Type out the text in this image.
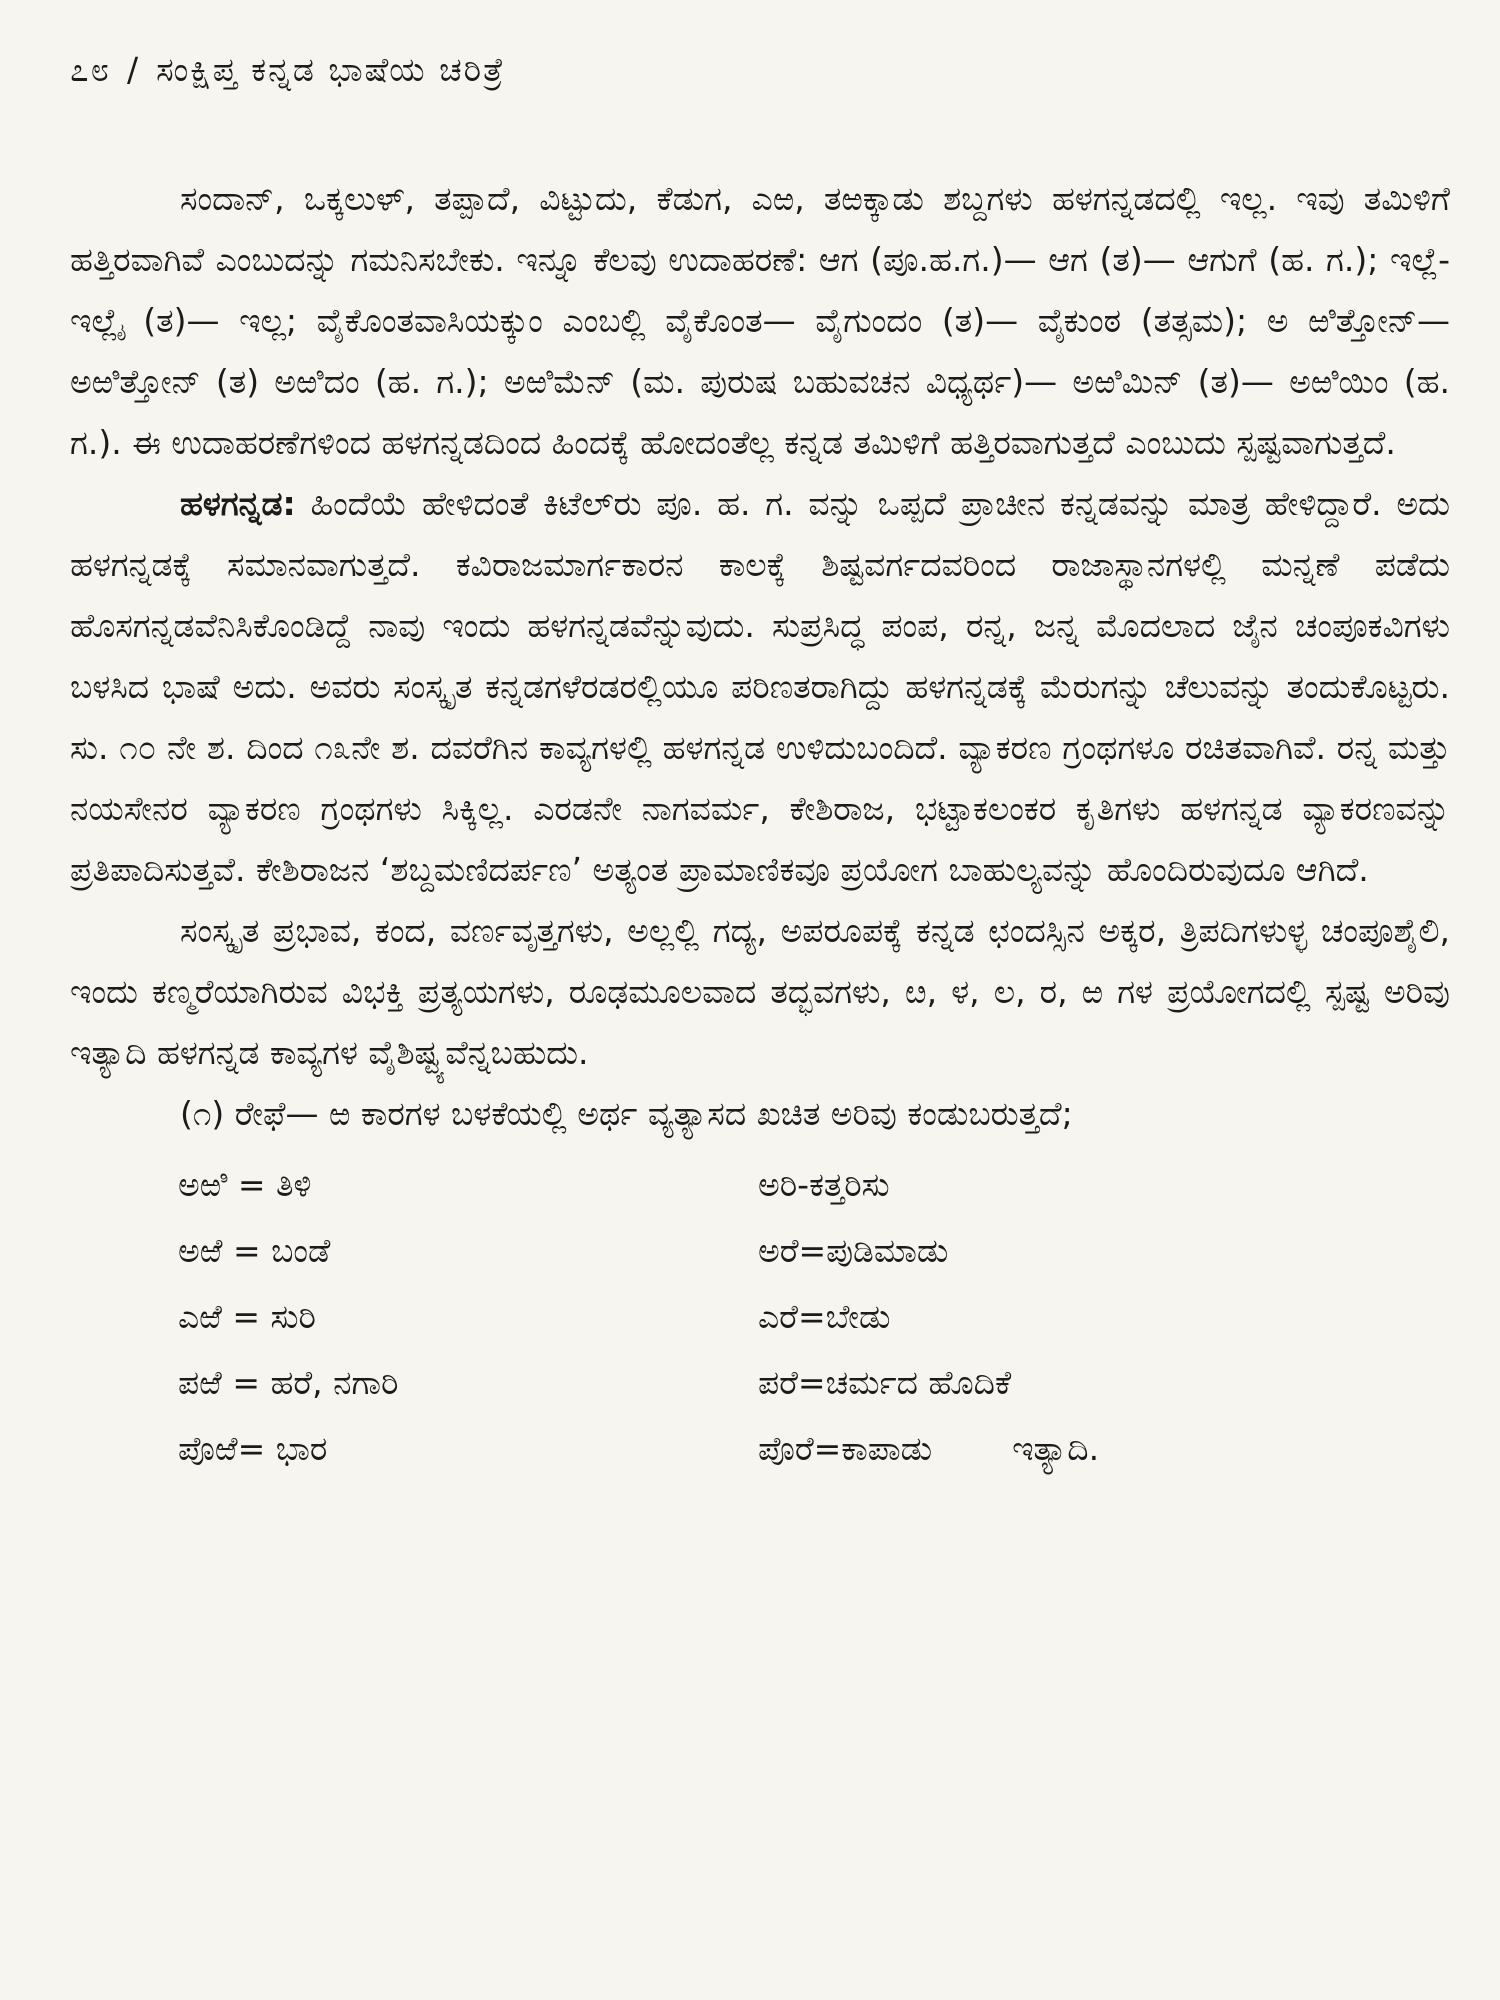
೭೮ / ಸಂಕ್ಷಿಪ್ತ ಕನ್ನಡ ಭಾಷೆಯ ಚರಿತ್ರೆ

ಸಂದಾನ್, ಒಕ್ಕಲುಳ್, ತಪ್ಪಾದೆ, ವಿಟ್ಟುದು, ಕೆಡುಗ, ಎಱ, ತಱಕ್ಕಾಡು ಶಬ್ದಗಳು ಹಳಗನ್ನಡದಲ್ಲಿ ಇಲ್ಲ. ಇವು ತಮಿಳಿಗೆ ಹತ್ತಿರವಾಗಿವೆ ಎಂಬುದನ್ನು ಗಮನಿಸಬೇಕು. ಇನ್ನೂ ಕೆಲವು ಉದಾಹರಣೆ: ಆಗ (ಪೂ.ಹ.ಗ.)— ಆಗ (ತ)— ಆಗುಗೆ (ಹ. ಗ.); ಇಲ್ಲೆ-ಇಲ್ಲೈ (ತ)— ಇಲ್ಲ; ವೈಕೊಂತವಾಸಿಯಕ್ಕುಂ ಎಂಬಲ್ಲಿ ವೈಕೊಂತ— ವೈಗುಂದಂ (ತ)— ವೈಕುಂಠ (ತತ್ಸಮ); ಅ ಱಿತ್ತೋನ್— ಅಱಿತ್ತೋನ್ (ತ) ಅಱಿದಂ (ಹ. ಗ.); ಅಱಿಮೆನ್ (ಮ. ಪುರುಷ ಬಹುವಚನ ವಿಧ್ಯರ್ಥ)— ಅಱಿಮಿನ್ (ತ)— ಅಱಿಯಿಂ (ಹ. ಗ.). ಈ ಉದಾಹರಣೆಗಳಿಂದ ಹಳಗನ್ನಡದಿಂದ ಹಿಂದಕ್ಕೆ ಹೋದಂತೆಲ್ಲ ಕನ್ನಡ ತಮಿಳಿಗೆ ಹತ್ತಿರವಾಗುತ್ತದೆ ಎಂಬುದು ಸ್ಪಷ್ಟವಾಗುತ್ತದೆ.

ಹಳಗನ್ನಡ: ಹಿಂದೆಯೆ ಹೇಳಿದಂತೆ ಕಿಟೆಲ್‌ರು ಪೂ. ಹ. ಗ. ವನ್ನು ಒಪ್ಪದೆ ಪ್ರಾಚೀನ ಕನ್ನಡವನ್ನು ಮಾತ್ರ ಹೇಳಿದ್ದಾರೆ. ಅದು ಹಳಗನ್ನಡಕ್ಕೆ ಸಮಾನವಾಗುತ್ತದೆ. ಕವಿರಾಜಮಾರ್ಗಕಾರನ ಕಾಲಕ್ಕೆ ಶಿಷ್ಟವರ್ಗದವರಿಂದ ರಾಜಾಸ್ಥಾನಗಳಲ್ಲಿ ಮನ್ನಣೆ ಪಡೆದು ಹೊಸಗನ್ನಡವೆನಿಸಿಕೊಂಡಿದ್ದೆ ನಾವು ಇಂದು ಹಳಗನ್ನಡವೆನ್ನುವುದು. ಸುಪ್ರಸಿದ್ಧ ಪಂಪ, ರನ್ನ, ಜನ್ನ ಮೊದಲಾದ ಜೈನ ಚಂಪೂಕವಿಗಳು ಬಳಸಿದ ಭಾಷೆ ಅದು. ಅವರು ಸಂಸ್ಕೃತ ಕನ್ನಡಗಳೆರಡರಲ್ಲಿಯೂ ಪರಿಣತರಾಗಿದ್ದು ಹಳಗನ್ನಡಕ್ಕೆ ಮೆರುಗನ್ನು ಚೆಲುವನ್ನು ತಂದುಕೊಟ್ಟರು. ಸು. ೧೦ ನೇ ಶ. ದಿಂದ ೧೩ನೇ ಶ. ದವರೆಗಿನ ಕಾವ್ಯಗಳಲ್ಲಿ ಹಳಗನ್ನಡ ಉಳಿದುಬಂದಿದೆ. ವ್ಯಾಕರಣ ಗ್ರಂಥಗಳೂ ರಚಿತವಾಗಿವೆ. ರನ್ನ ಮತ್ತು ನಯಸೇನರ ವ್ಯಾಕರಣ ಗ್ರಂಥಗಳು ಸಿಕ್ಕಿಲ್ಲ. ಎರಡನೇ ನಾಗವರ್ಮ, ಕೇಶಿರಾಜ, ಭಟ್ಟಾಕಲಂಕರ ಕೃತಿಗಳು ಹಳಗನ್ನಡ ವ್ಯಾಕರಣವನ್ನು ಪ್ರತಿಪಾದಿಸುತ್ತವೆ. ಕೇಶಿರಾಜನ ‘ಶಬ್ದಮಣಿದರ್ಪಣ’ ಅತ್ಯಂತ ಪ್ರಾಮಾಣಿಕವೂ ಪ್ರಯೋಗ ಬಾಹುಲ್ಯವನ್ನು ಹೊಂದಿರುವುದೂ ಆಗಿದೆ.

ಸಂಸ್ಕೃತ ಪ್ರಭಾವ, ಕಂದ, ವರ್ಣವೃತ್ತಗಳು, ಅಲ್ಲಲ್ಲಿ ಗದ್ಯ, ಅಪರೂಪಕ್ಕೆ ಕನ್ನಡ ಛಂದಸ್ಸಿನ ಅಕ್ಕರ, ತ್ರಿಪದಿಗಳುಳ್ಳ ಚಂಪೂಶೈಲಿ, ಇಂದು ಕಣ್ಮರೆಯಾಗಿರುವ ವಿಭಕ್ತಿ ಪ್ರತ್ಯಯಗಳು, ರೂಢಮೂಲವಾದ ತದ್ಭವಗಳು, ೞ, ಳ, ಲ, ರ, ಱ ಗಳ ಪ್ರಯೋಗದಲ್ಲಿ ಸ್ಪಷ್ಟ ಅರಿವು ಇತ್ಯಾದಿ ಹಳಗನ್ನಡ ಕಾವ್ಯಗಳ ವೈಶಿಷ್ಟ್ಯವೆನ್ನಬಹುದು.

(೧) ರೇಫೆ— ಱ ಕಾರಗಳ ಬಳಕೆಯಲ್ಲಿ ಅರ್ಥ ವ್ಯತ್ಯಾಸದ ಖಚಿತ ಅರಿವು ಕಂಡುಬರುತ್ತದೆ;

ಅಱಿ = ತಿಳಿ	ಅರಿ-ಕತ್ತರಿಸು
ಅಱೆ = ಬಂಡೆ	ಅರೆ=ಪುಡಿಮಾಡು
ಎಱೆ = ಸುರಿ	ಎರೆ=ಬೇಡು
ಪಱೆ = ಹರೆ, ನಗಾರಿ	ಪರೆ=ಚರ್ಮದ ಹೊದಿಕೆ
ಪೊಱೆ= ಭಾರ	ಪೊರೆ=ಕಾಪಾಡು ಇತ್ಯಾದಿ.
